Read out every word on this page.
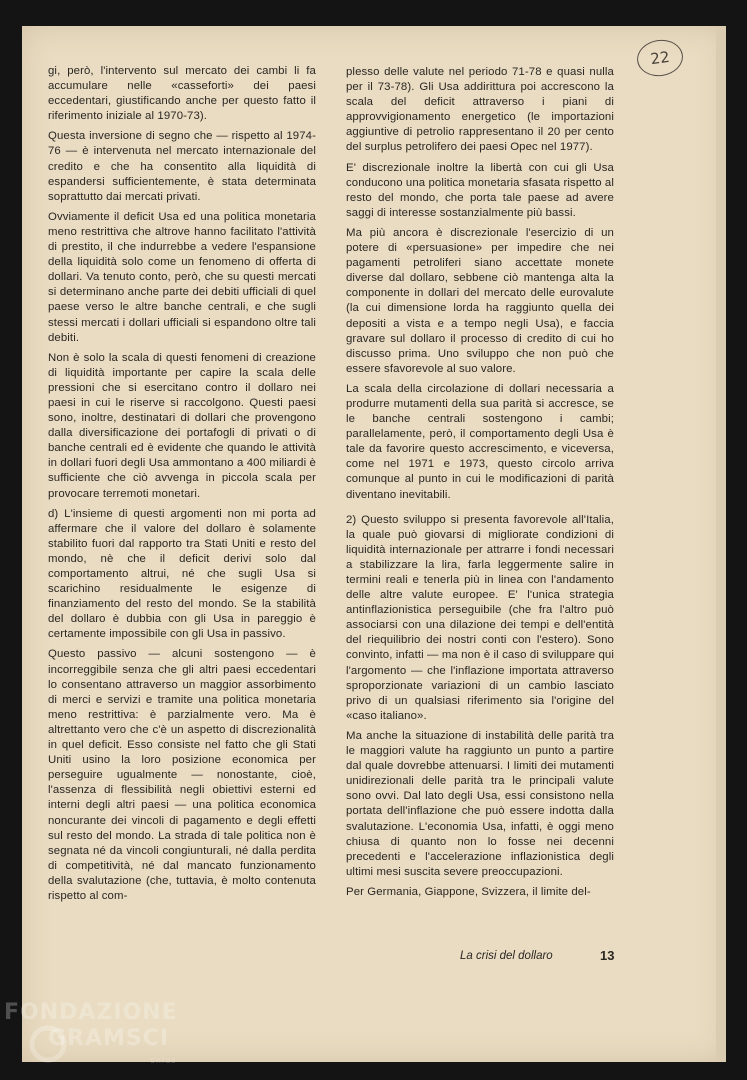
22

gi, però, l'intervento sul mercato dei cambi li fa accumulare nelle «casseforti» dei paesi eccedentari, giustificando anche per questo fatto il riferimento iniziale al 1970-73).

Questa inversione di segno che — rispetto al 1974-76 — è intervenuta nel mercato internazionale del credito e che ha consentito alla liquidità di espandersi sufficientemente, è stata determinata soprattutto dai mercati privati.

Ovviamente il deficit Usa ed una politica monetaria meno restrittiva che altrove hanno facilitato l'attività di prestito, il che indurrebbe a vedere l'espansione della liquidità solo come un fenomeno di offerta di dollari. Va tenuto conto, però, che su questi mercati si determinano anche parte dei debiti ufficiali di quel paese verso le altre banche centrali, e che sugli stessi mercati i dollari ufficiali si espandono oltre tali debiti.

Non è solo la scala di questi fenomeni di creazione di liquidità importante per capire la scala delle pressioni che si esercitano contro il dollaro nei paesi in cui le riserve si raccolgono. Questi paesi sono, inoltre, destinatari di dollari che provengono dalla diversificazione dei portafogli di privati o di banche centrali ed è evidente che quando le attività in dollari fuori degli Usa ammontano a 400 miliardi è sufficiente che ciò avvenga in piccola scala per provocare terremoti monetari.

d) L'insieme di questi argomenti non mi porta ad affermare che il valore del dollaro è solamente stabilito fuori dal rapporto tra Stati Uniti e resto del mondo, nè che il deficit derivi solo dal comportamento altrui, né che sugli Usa si scarichino residualmente le esigenze di finanziamento del resto del mondo. Se la stabilità del dollaro è dubbia con gli Usa in pareggio è certamente impossibile con gli Usa in passivo.

Questo passivo — alcuni sostengono — è incorreggibile senza che gli altri paesi eccedentari lo consentano attraverso un maggior assorbimento di merci e servizi e tramite una politica monetaria meno restrittiva: è parzialmente vero. Ma è altrettanto vero che c'è un aspetto di discrezionalità in quel deficit. Esso consiste nel fatto che gli Stati Uniti usino la loro posizione economica per perseguire ugualmente — nonostante, cioè, l'assenza di flessibilità negli obiettivi esterni ed interni degli altri paesi — una politica economica noncurante dei vincoli di pagamento e degli effetti sul resto del mondo. La strada di tale politica non è segnata né da vincoli congiunturali, né dalla perdita di competitività, né dal mancato funzionamento della svalutazione (che, tuttavia, è molto contenuta rispetto al com-

plesso delle valute nel periodo 71-78 e quasi nulla per il 73-78). Gli Usa addirittura poi accrescono la scala del deficit attraverso i piani di approvvigionamento energetico (le importazioni aggiuntive di petrolio rappresentano il 20 per cento del surplus petrolifero dei paesi Opec nel 1977).

E' discrezionale inoltre la libertà con cui gli Usa conducono una politica monetaria sfasata rispetto al resto del mondo, che porta tale paese ad avere saggi di interesse sostanzialmente più bassi.

Ma più ancora è discrezionale l'esercizio di un potere di «persuasione» per impedire che nei pagamenti petroliferi siano accettate monete diverse dal dollaro, sebbene ciò mantenga alta la componente in dollari del mercato delle eurovalute (la cui dimensione lorda ha raggiunto quella dei depositi a vista e a tempo negli Usa), e faccia gravare sul dollaro il processo di credito di cui ho discusso prima. Uno sviluppo che non può che essere sfavorevole al suo valore.

La scala della circolazione di dollari necessaria a produrre mutamenti della sua parità si accresce, se le banche centrali sostengono i cambi; parallelamente, però, il comportamento degli Usa è tale da favorire questo accrescimento, e viceversa, come nel 1971 e 1973, questo circolo arriva comunque al punto in cui le modificazioni di parità diventano inevitabili.

2) Questo sviluppo si presenta favorevole all'Italia, la quale può giovarsi di migliorate condizioni di liquidità internazionale per attrarre i fondi necessari a stabilizzare la lira, farla leggermente salire in termini reali e tenerla più in linea con l'andamento delle altre valute europee. E' l'unica strategia antinflazionistica perseguibile (che fra l'altro può associarsi con una dilazione dei tempi e dell'entità del riequilibrio dei nostri conti con l'estero). Sono convinto, infatti — ma non è il caso di sviluppare qui l'argomento — che l'inflazione importata attraverso sproporzionate variazioni di un cambio lasciato privo di un qualsiasi riferimento sia l'origine del «caso italiano».

Ma anche la situazione di instabilità delle parità tra le maggiori valute ha raggiunto un punto a partire dal quale dovrebbe attenuarsi. I limiti dei mutamenti unidirezionali delle parità tra le principali valute sono ovvi. Dal lato degli Usa, essi consistono nella portata dell'inflazione che può essere indotta dalla svalutazione. L'economia Usa, infatti, è oggi meno chiusa di quanto non lo fosse nei decenni precedenti e l'accelerazione inflazionistica degli ultimi mesi suscita severe preoccupazioni.

Per Germania, Giappone, Svizzera, il limite del-

La crisi del dollaro	13
FONDAZIONE
GRAMSCI
onlus
